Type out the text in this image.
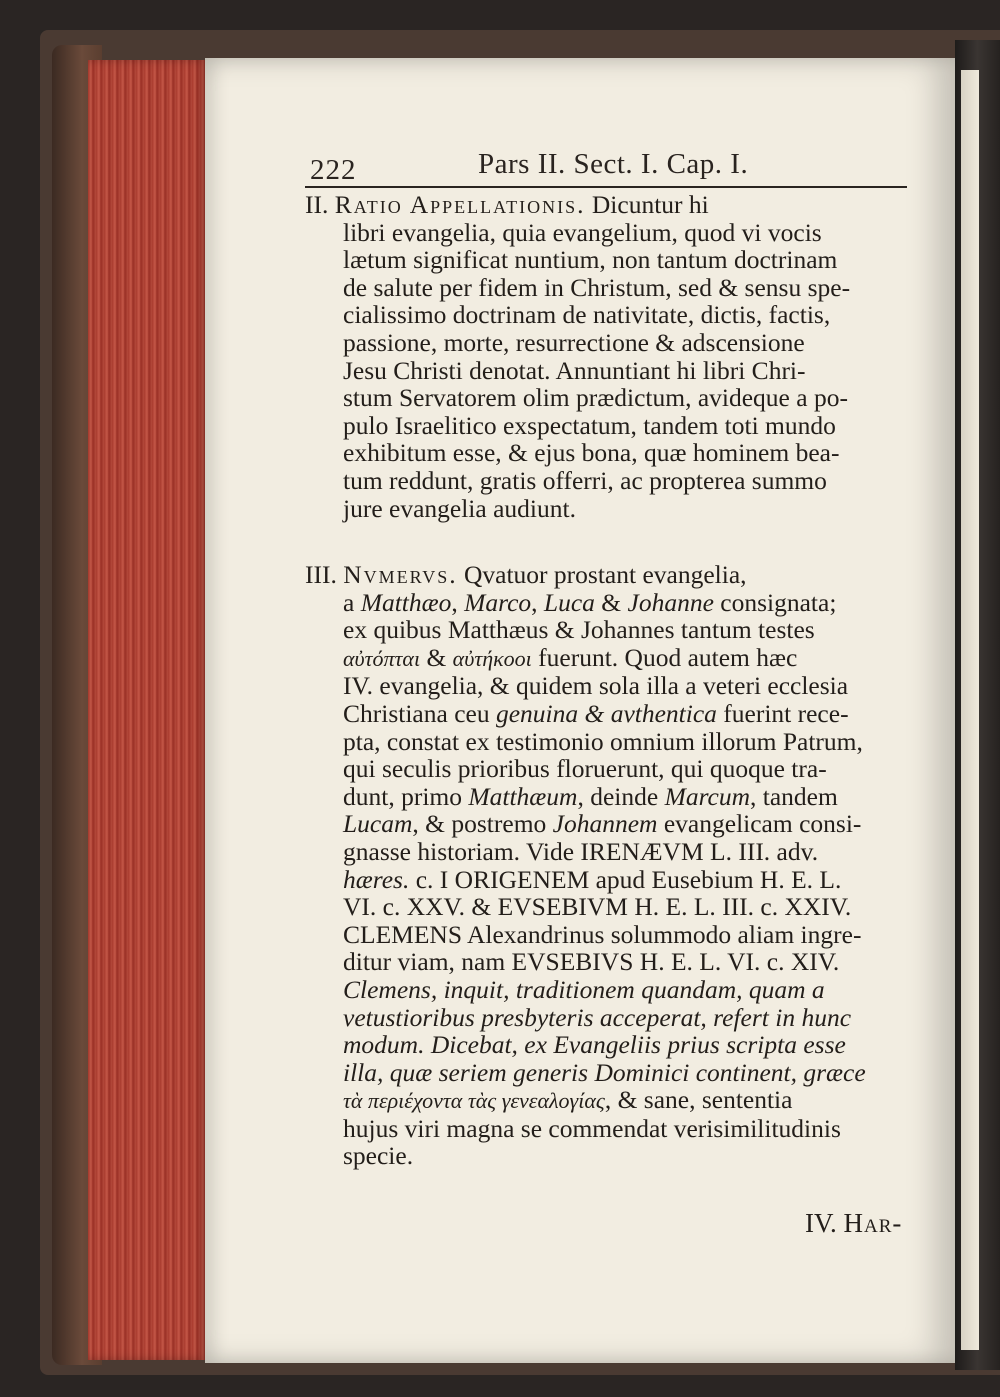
222	Pars II. Sect. I. Cap. I.
II. Ratio Appellationis. Dicuntur hi
libri evangelia, quia evangelium, quod vi vocis
lætum significat nuntium, non tantum doctrinam
de salute per fidem in Christum, sed & sensu spe-
cialissimo doctrinam de nativitate, dictis, factis,
passione, morte, resurrectione & adscensione
Jesu Christi denotat. Annuntiant hi libri Chri-
stum Servatorem olim prædictum, avideque a po-
pulo Israelitico exspectatum, tandem toti mundo
exhibitum esse, & ejus bona, quæ hominem bea-
tum reddunt, gratis offerri, ac propterea summo
jure evangelia audiunt.
III. Nvmervs. Qvatuor prostant evangelia,
a Matthæo, Marco, Luca & Johanne consignata;
ex quibus Matthæus & Johannes tantum testes
αὐτόπται & αὐτήκοοι fuerunt. Quod autem hæc
IV. evangelia, & quidem sola illa a veteri ecclesia
Christiana ceu genuina & avthentica fuerint rece-
pta, constat ex testimonio omnium illorum Patrum,
qui seculis prioribus floruerunt, qui quoque tra-
dunt, primo Matthæum, deinde Marcum, tandem
Lucam, & postremo Johannem evangelicam consi-
gnasse historiam. Vide IRENÆVM L. III. adv.
hæres. c. I ORIGENEM apud Eusebium H. E. L.
VI. c. XXV. & EVSEBIVM H. E. L. III. c. XXIV.
CLEMENS Alexandrinus solummodo aliam ingre-
ditur viam, nam EVSEBIVS H. E. L. VI. c. XIV.
Clemens, inquit, traditionem quandam, quam a
vetustioribus presbyteris acceperat, refert in hunc
modum. Dicebat, ex Evangeliis prius scripta esse
illa, quæ seriem generis Dominici continent, græce
τὰ περιέχοντα τὰς γενεαλογίας, & sane, sententia
hujus viri magna se commendat verisimilitudinis
specie.
IV. Har-
